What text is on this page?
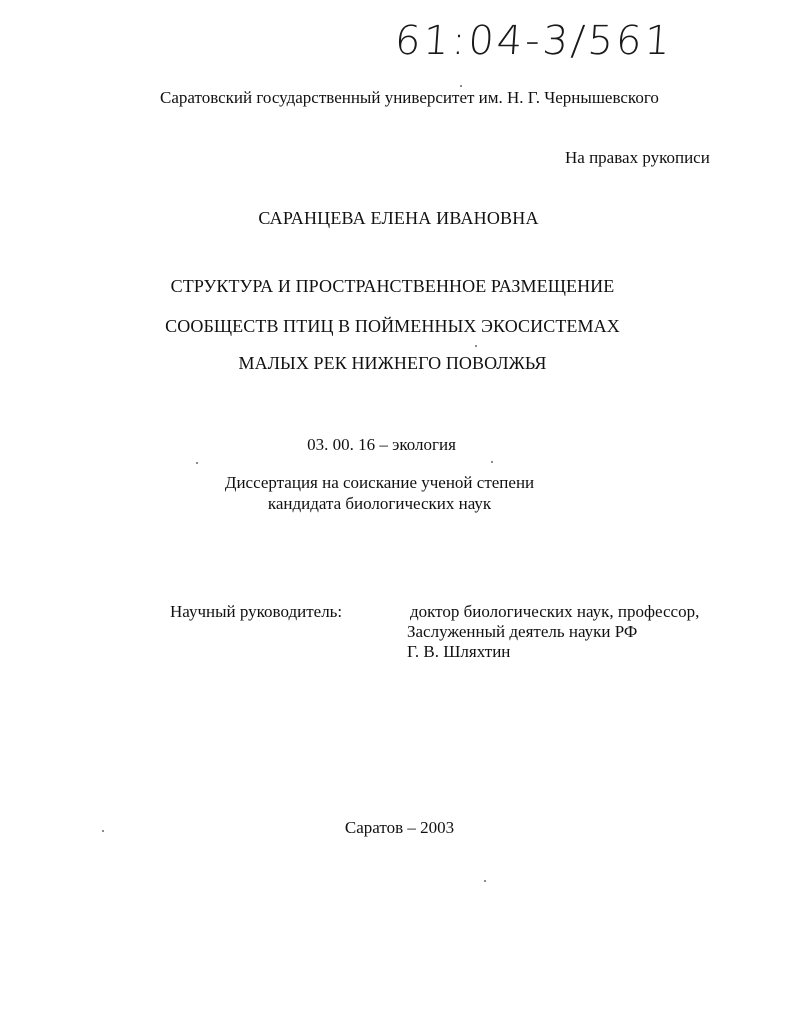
61:04-3/561
Саратовский государственный университет им. Н. Г. Чернышевского
На правах рукописи
САРАНЦЕВА ЕЛЕНА ИВАНОВНА
СТРУКТУРА И ПРОСТРАНСТВЕННОЕ РАЗМЕЩЕНИЕ
СООБЩЕСТВ ПТИЦ В ПОЙМЕННЫХ ЭКОСИСТЕМАХ
МАЛЫХ РЕК НИЖНЕГО ПОВОЛЖЬЯ
03. 00. 16 – экология
Диссертация на соискание ученой степени
кандидата биологических наук
Научный руководитель:	доктор биологических наук, профессор,
Заслуженный деятель науки РФ
Г. В. Шляхтин
Саратов – 2003
